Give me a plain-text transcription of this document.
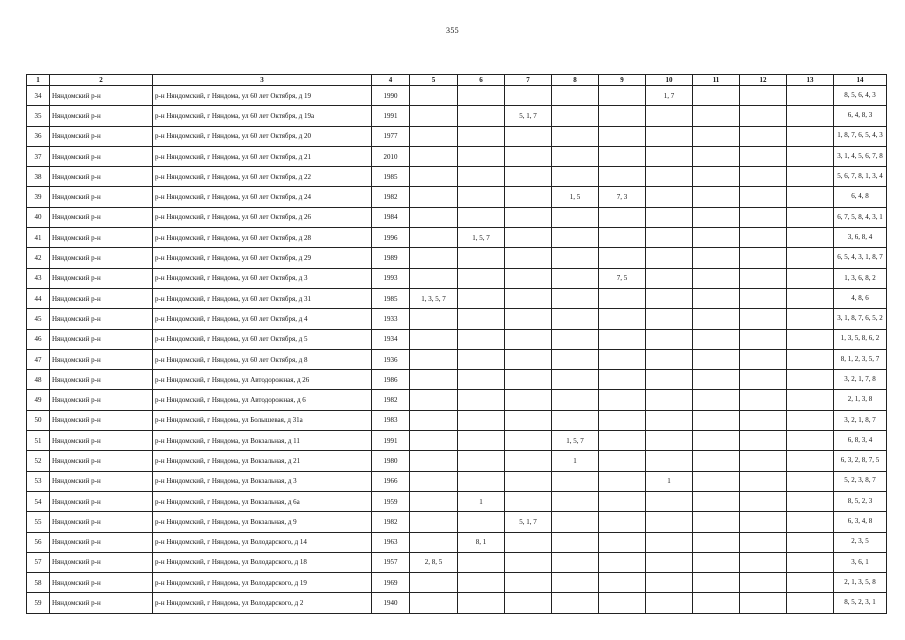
355
1	2	3	4	5	6	7	8	9	10	11	12	13	14
34	Няндомский р-н	р-н Няндомский, г Няндома, ул 60 лет Октября, д 19	1990						1, 7				8, 5, 6, 4, 3
35	Няндомский р-н	р-н Няндомский, г Няндома, ул 60 лет Октября, д 19а	1991			5, 1, 7							6, 4, 8, 3
36	Няндомский р-н	р-н Няндомский, г Няндома, ул 60 лет Октября, д 20	1977										1, 8, 7, 6, 5, 4, 3
37	Няндомский р-н	р-н Няндомский, г Няндома, ул 60 лет Октября, д 21	2010										3, 1, 4, 5, 6, 7, 8
38	Няндомский р-н	р-н Няндомский, г Няндома, ул 60 лет Октября, д 22	1985										5, 6, 7, 8, 1, 3, 4
39	Няндомский р-н	р-н Няндомский, г Няндома, ул 60 лет Октября, д 24	1982				1, 5	7, 3					6, 4, 8
40	Няндомский р-н	р-н Няндомский, г Няндома, ул 60 лет Октября, д 26	1984										6, 7, 5, 8, 4, 3, 1
41	Няндомский р-н	р-н Няндомский, г Няндома, ул 60 лет Октября, д 28	1996		1, 5, 7								3, 6, 8, 4
42	Няндомский р-н	р-н Няндомский, г Няндома, ул 60 лет Октября, д 29	1989										6, 5, 4, 3, 1, 8, 7
43	Няндомский р-н	р-н Няндомский, г Няндома, ул 60 лет Октября, д 3	1993					7, 5					1, 3, 6, 8, 2
44	Няндомский р-н	р-н Няндомский, г Няндома, ул 60 лет Октября, д 31	1985	1, 3, 5, 7									4, 8, 6
45	Няндомский р-н	р-н Няндомский, г Няндома, ул 60 лет Октября, д 4	1933										3, 1, 8, 7, 6, 5, 2
46	Няндомский р-н	р-н Няндомский, г Няндома, ул 60 лет Октября, д 5	1934										1, 3, 5, 8, 6, 2
47	Няндомский р-н	р-н Няндомский, г Няндома, ул 60 лет Октября, д 8	1936										8, 1, 2, 3, 5, 7
48	Няндомский р-н	р-н Няндомский, г Няндома, ул Автодорожная, д 26	1986										3, 2, 1, 7, 8
49	Няндомский р-н	р-н Няндомский, г Няндома, ул Автодорожная, д 6	1982										2, 1, 3, 8
50	Няндомский р-н	р-н Няндомский, г Няндома, ул Болышевая, д 31а	1983										3, 2, 1, 8, 7
51	Няндомский р-н	р-н Няндомский, г Няндома, ул Вокзальная, д 11	1991				1, 5, 7						6, 8, 3, 4
52	Няндомский р-н	р-н Няндомский, г Няндома, ул Вокзальная, д 21	1980				1						6, 3, 2, 8, 7, 5
53	Няндомский р-н	р-н Няндомский, г Няндома, ул Вокзальная, д 3	1966						1				5, 2, 3, 8, 7
54	Няндомский р-н	р-н Няндомский, г Няндома, ул Вокзальная, д 6а	1959		1								8, 5, 2, 3
55	Няндомский р-н	р-н Няндомский, г Няндома, ул Вокзальная, д 9	1982			5, 1, 7							6, 3, 4, 8
56	Няндомский р-н	р-н Няндомский, г Няндома, ул Володарского, д 14	1963		8, 1								2, 3, 5
57	Няндомский р-н	р-н Няндомский, г Няндома, ул Володарского, д 18	1957	2, 8, 5									3, 6, 1
58	Няндомский р-н	р-н Няндомский, г Няндома, ул Володарского, д 19	1969										2, 1, 3, 5, 8
59	Няндомский р-н	р-н Няндомский, г Няндома, ул Володарского, д 2	1940										8, 5, 2, 3, 1
